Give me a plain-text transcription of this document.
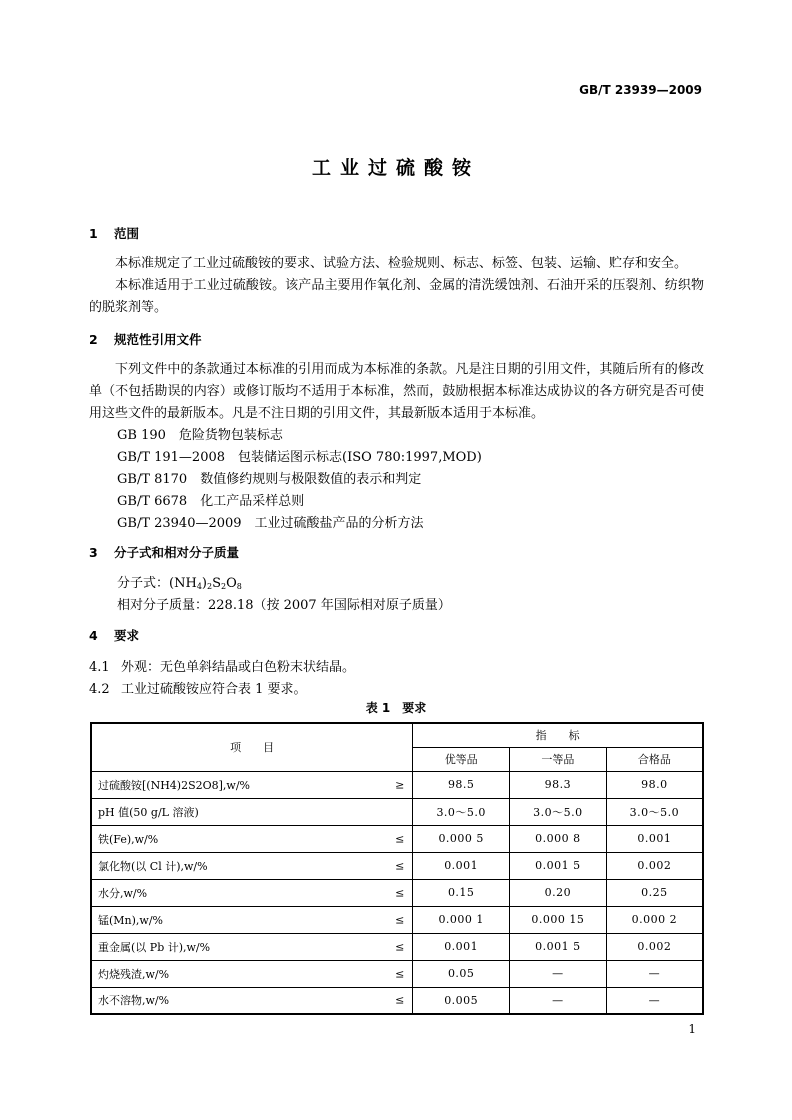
GB/T 23939—2009
工业过硫酸铵
1 范围
本标准规定了工业过硫酸铵的要求、试验方法、检验规则、标志、标签、包装、运输、贮存和安全。
本标准适用于工业过硫酸铵。该产品主要用作氧化剂、金属的清洗缓蚀剂、石油开采的压裂剂、纺织物的脱浆剂等。
2 规范性引用文件
下列文件中的条款通过本标准的引用而成为本标准的条款。凡是注日期的引用文件，其随后所有的修改单（不包括勘误的内容）或修订版均不适用于本标准，然而，鼓励根据本标准达成协议的各方研究是否可使用这些文件的最新版本。凡是不注日期的引用文件，其最新版本适用于本标准。
GB 190　危险货物包装标志
GB/T 191—2008　包装储运图示标志(ISO 780:1997,MOD)
GB/T 8170　数值修约规则与极限数值的表示和判定
GB/T 6678　化工产品采样总则
GB/T 23940—2009　工业过硫酸盐产品的分析方法
3 分子式和相对分子质量
分子式：$(NH_4)_2S_2O_8$
相对分子质量：228.18（按 2007 年国际相对原子质量）
4 要求
4.1 外观：无色单斜结晶或白色粉末状结晶。
4.2 工业过硫酸铵应符合表 1 要求。
表 1　要求
项　　目	指　　标		
	优等品	一等品	合格品
过硫酸铵[(NH4)2S2O8],w/% ≥	98.5	98.3	98.0
pH 值(50 g/L 溶液)	3.0～5.0	3.0～5.0	3.0～5.0
铁(Fe),w/% ≤	0.000 5	0.000 8	0.001
氯化物(以 Cl 计),w/% ≤	0.001	0.001 5	0.002
水分,w/% ≤	0.15	0.20	0.25
锰(Mn),w/% ≤	0.000 1	0.000 15	0.000 2
重金属(以 Pb 计),w/% ≤	0.001	0.001 5	0.002
灼烧残渣,w/% ≤	0.05	—	—
水不溶物,w/% ≤	0.005	—	—
1
